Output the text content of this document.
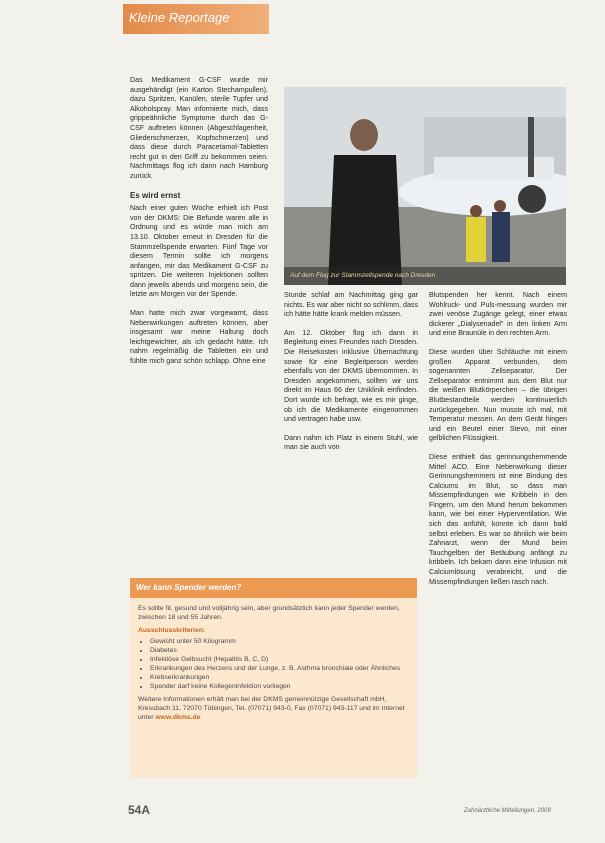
Kleine Reportage

Das Medikament G-CSF wurde mir ausgehändigt (ein Karton Stechampullen), dazu Spritzen, Kanülen, sterile Tupfer und Alkoholspray. Man informierte mich, dass grippeähnliche Symptome durch das G-CSF auftreten können (Abgeschlagenheit, Gliederschmerzen, Kopfschmerzen) und dass diese durch Paracetamol-Tabletten recht gut in den Griff zu bekommen seien. Nachmittags flog ich dann nach Hamburg zurück.

Es wird ernst

Nach einer guten Woche erhielt ich Post von der DKMS: Die Befunde waren alle in Ordnung und es würde man mich am 13.10. Oktober erneut in Dresden für die Stammzellspende erwarten. Fünf Tage vor diesem Termin sollte ich morgens anfangen, mir das Medikament G-CSF zu spritzen. Die weiteren Injektionen sollten dann jeweils abends und morgens sein, die letzte am Morgen vor der Spende.

Man hatte mich zwar vorgewarnt, dass Nebenwirkungen auftreten können, aber insgesamt war meine Haltung doch leichtgewichter, als ich gedacht hätte. Ich nahm regelmäßig die Tabletten ein und fühlte mich ganz schön schlapp. Ohne eine

Auf dem Flug zur Stammzellspende nach Dresden

Stunde schlaf am Nachmittag ging gar nichts. Es war aber nicht so schlimm, dass ich hätte hätte krank melden müssen.

Am 12. Oktober flog ich dann in Begleitung eines Freundes nach Dresden. Die Reisekosten inklusive Übernachtung sowie für eine Begleitperson werden ebenfalls von der DKMS übernommen. In Dresden angekommen, sollten wir uns direkt im Haus 66 der Uniklinik einfinden. Dort wurde ich befragt, wie es mir ginge, ob ich die Medikamente eingenommen und vertragen habe usw.

Dann nahm ich Platz in einem Stuhl, wie man sie auch von

Blutspenden her kennt. Nach einem Wohlruck- und Puls-messung wurden mir zwei venöse Zugänge gelegt, einer etwas dickerer „Dialysenadel“ in den linken Arm und eine Braunüle in den rechten Arm.

Diese wurden über Schläuche mit einem großen Apparat verbunden, dem sogenannten Zellseparator. Der Zellseparator entnimmt aus dem Blut nur die weißen Blutkörperchen – die übrigen Blutbestandteile werden kontinuierlich zurückgegeben. Nun musste ich mal, mit Temperatur messen. An dem Gerät hingen und ein Beutel einer Stevo, mit einer gelblichen Flüssigkeit.

Diese enthielt das gerinnungshemmende Mittel ACD. Eine Nebenwirkung dieser Gerinnungshemmers ist eine Bindung des Calciums im Blut, so dass man Missempfindungen wie Kribbeln in den Fingern, um den Mund herum bekommen kann, wie bei einer Hyperventilation. Wie sich das anfühlt, konnte ich dann bald selbst erleben. Es war so ähnlich wie beim Zahnarzt, wenn der Mund beim Tauchgelben der Betäubung anfängt zu kribbeln. Ich bekam dann eine Infusion mit Calciumlösung verabreicht, und die Missempfindungen ließen rasch nach.

Wer kann Spender werden?
Es sollte fit, gesund und volljährig sein, aber grundsätzlich kann jeder Spender werden, zwischen 18 und 55 Jahren.
Ausschlusskriterien:
• Gewicht unter 50 Kilogramm
• Diabetes
• Infektiöse Gelbsucht (Hepatitis B, C, D)
• Erkrankungen des Herzens und der Lunge, z. B. Asthma bronchiale oder Ähnliches
• Krebserkrankungen
• Spender darf keine Kollegeninfektion vorliegen
Weitere Informationen erhält man bei der DKMS gemeinnützige Gesellschaft mbH, Kressbach 11, 72070 Tübingen, Tel. (07071) 943-0, Fax (07071) 943-117 und im Internet unter www.dkms.de
54A	Zahnärztliche Mitteilungen, 2009
